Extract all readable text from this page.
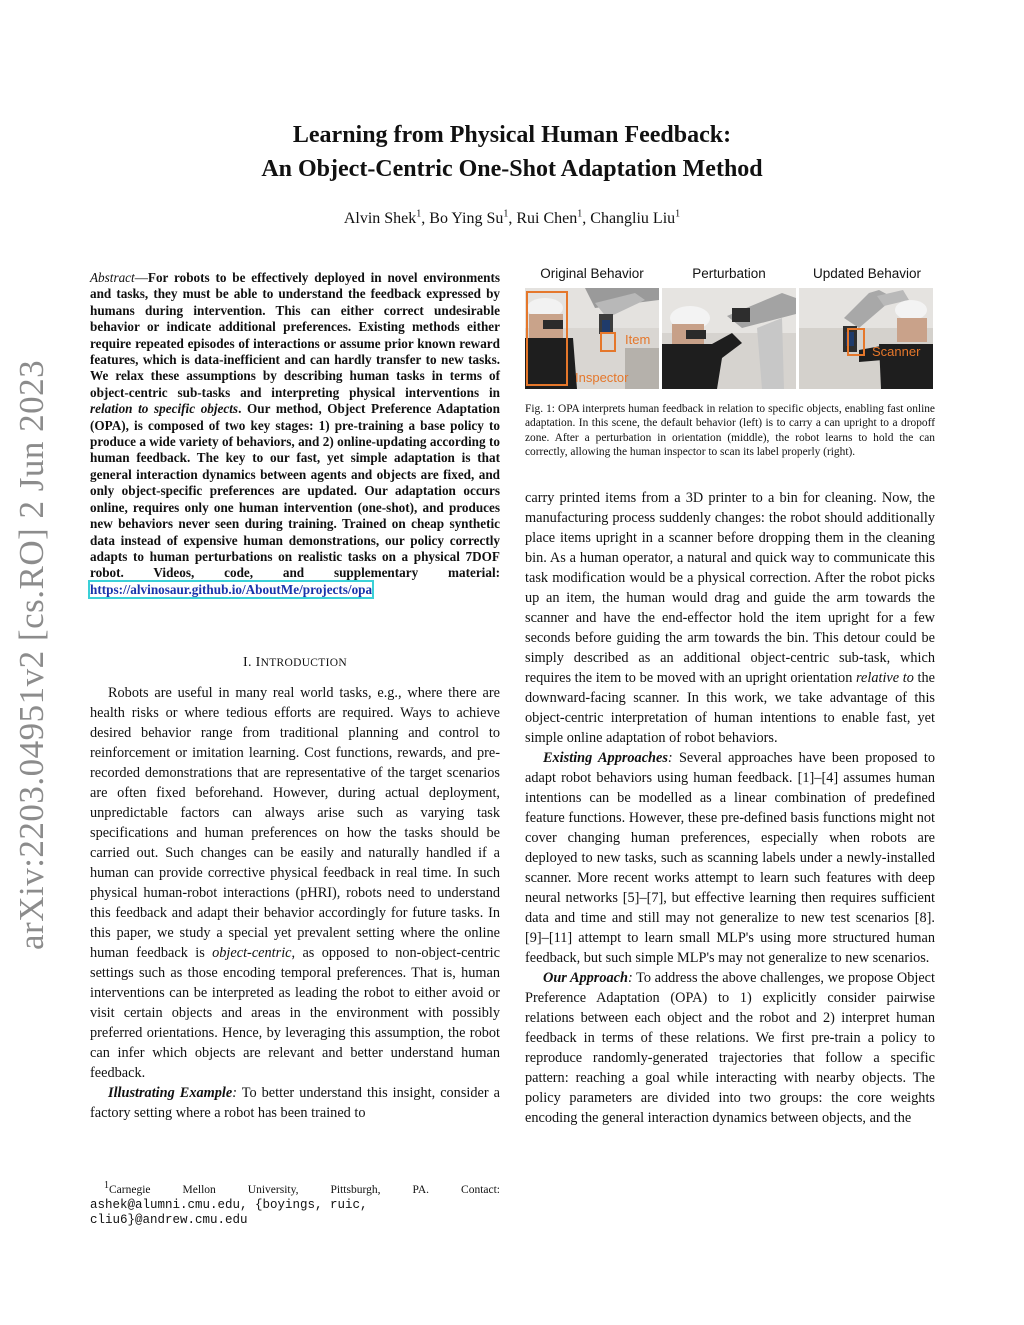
arXiv:2203.04951v2 [cs.RO] 2 Jun 2023
Learning from Physical Human Feedback:
An Object-Centric One-Shot Adaptation Method
Alvin Shek$^1$, Bo Ying Su$^1$, Rui Chen$^1$, Changliu Liu$^1$
Abstract—For robots to be effectively deployed in novel environments and tasks, they must be able to understand the feedback expressed by humans during intervention. This can either correct undesirable behavior or indicate additional preferences. Existing methods either require repeated episodes of interactions or assume prior known reward features, which is data-inefficient and can hardly transfer to new tasks. We relax these assumptions by describing human tasks in terms of object-centric sub-tasks and interpreting physical interventions in relation to specific objects. Our method, Object Preference Adaptation (OPA), is composed of two key stages: 1) pre-training a base policy to produce a wide variety of behaviors, and 2) online-updating according to human feedback. The key to our fast, yet simple adaptation is that general interaction dynamics between agents and objects are fixed, and only object-specific preferences are updated. Our adaptation occurs online, requires only one human intervention (one-shot), and produces new behaviors never seen during training. Trained on cheap synthetic data instead of expensive human demonstrations, our policy correctly adapts to human perturbations on realistic tasks on a physical 7DOF robot. Videos, code, and supplementary material: https://alvinosaur.github.io/AboutMe/projects/opa
I. INTRODUCTION

Robots are useful in many real world tasks, e.g., where there are health risks or where tedious efforts are required. Ways to achieve desired behavior range from traditional planning and control to reinforcement or imitation learning. Cost functions, rewards, and pre-recorded demonstrations that are representative of the target scenarios are often fixed beforehand. However, during actual deployment, unpredictable factors can always arise such as varying task specifications and human preferences on how the tasks should be carried out. Such changes can be easily and naturally handled if a human can provide corrective physical feedback in real time. In such physical human-robot interactions (pHRI), robots need to understand this feedback and adapt their behavior accordingly for future tasks. In this paper, we study a special yet prevalent setting where the online human feedback is object-centric, as opposed to non-object-centric settings such as those encoding temporal preferences. That is, human interventions can be interpreted as leading the robot to either avoid or visit certain objects and areas in the environment with possibly preferred orientations. Hence, by leveraging this assumption, the robot can infer which objects are relevant and better understand human feedback.

Illustrating Example: To better understand this insight, consider a factory setting where a robot has been trained to

$^1$Carnegie Mellon University, Pittsburgh, PA. Contact:
ashek@alumni.cmu.edu, {boyings, ruic,
cliu6}@andrew.cmu.edu
Original Behavior	Perturbation	Updated Behavior
Item
Inspector
Scanner
Fig. 1: OPA interprets human feedback in relation to specific objects, enabling fast online adaptation. In this scene, the default behavior (left) is to carry a can upright to a dropoff zone. After a perturbation in orientation (middle), the robot learns to hold the can correctly, allowing the human inspector to scan its label properly (right).

carry printed items from a 3D printer to a bin for cleaning. Now, the manufacturing process suddenly changes: the robot should additionally place items upright in a scanner before dropping them in the cleaning bin. As a human operator, a natural and quick way to communicate this task modification would be a physical correction. After the robot picks up an item, the human would drag and guide the arm towards the scanner and have the end-effector hold the item upright for a few seconds before guiding the arm towards the bin. This detour could be simply described as an additional object-centric sub-task, which requires the item to be moved with an upright orientation relative to the downward-facing scanner. In this work, we take advantage of this object-centric interpretation of human intentions to enable fast, yet simple online adaptation of robot behaviors.

Existing Approaches: Several approaches have been proposed to adapt robot behaviors using human feedback. [1]–[4] assumes human intentions can be modelled as a linear combination of predefined feature functions. However, these pre-defined basis functions might not cover changing human preferences, especially when robots are deployed to new tasks, such as scanning labels under a newly-installed scanner. More recent works attempt to learn such features with deep neural networks [5]–[7], but effective learning then requires sufficient data and time and still may not generalize to new test scenarios [8]. [9]–[11] attempt to learn small MLP's using more structured human feedback, but such simple MLP's may not generalize to new scenarios.

Our Approach: To address the above challenges, we propose Object Preference Adaptation (OPA) to 1) explicitly consider pairwise relations between each object and the robot and 2) interpret human feedback in terms of these relations. We first pre-train a policy to reproduce randomly-generated trajectories that follow a specific pattern: reaching a goal while interacting with nearby objects. The policy parameters are divided into two groups: the core weights encoding the general interaction dynamics between objects, and the
